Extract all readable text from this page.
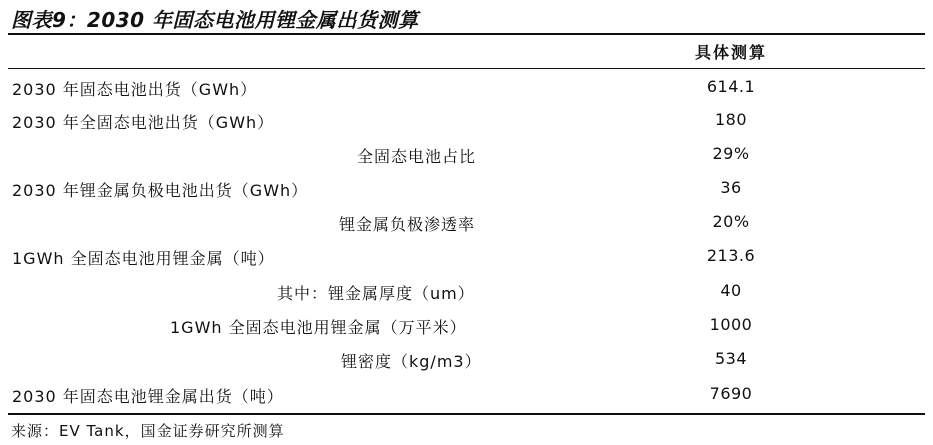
图表9：2030 年固态电池用锂金属出货测算
具体测算
2030 年固态电池出货（GWh）	614.1
2030 年全固态电池出货（GWh）	180
全固态电池占比	29%
2030 年锂金属负极电池出货（GWh）	36
锂金属负极渗透率	20%
1GWh 全固态电池用锂金属（吨）	213.6
其中：锂金属厚度（um）	40
1GWh 全固态电池用锂金属（万平米）	1000
锂密度（kg/m3）	534
2030 年固态电池锂金属出货（吨）	7690
来源：EV Tank，国金证券研究所测算
